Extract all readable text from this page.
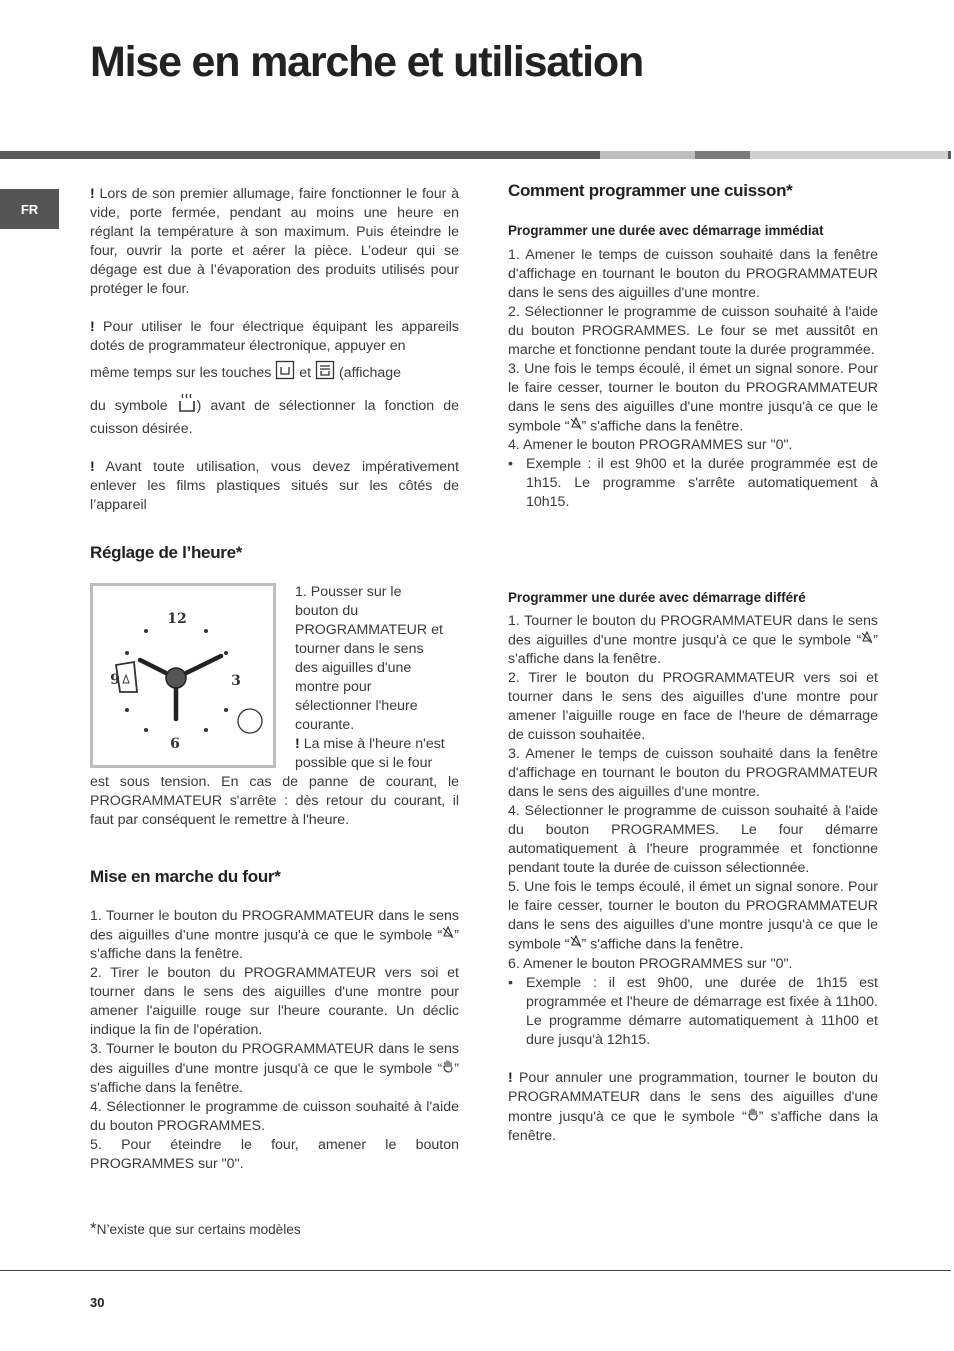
Mise en marche et utilisation
FR

! Lors de son premier allumage, faire fonctionner le four à vide, porte fermée, pendant au moins une heure en réglant la température à son maximum. Puis éteindre le four, ouvrir la porte et aérer la pièce. L’odeur qui se dégage est due à l’évaporation des produits utilisés pour protéger le four.

! Pour utiliser le four électrique équipant les appareils dotés de programmateur électronique, appuyer en

même temps sur les touches et (affichage

du symbole ) avant de sélectionner la fonction de cuisson désirée.

! Avant toute utilisation, vous devez impérativement enlever les films plastiques situés sur les côtés de l’appareil

Réglage de l’heure*
12
3
6
9

1. Pousser sur le

bouton du

PROGRAMMATEUR et

tourner dans le sens

des aiguilles d'une

montre pour

sélectionner l'heure

courante.

! La mise à l'heure n'est

possible que si le four

est sous tension. En cas de panne de courant, le PROGRAMMATEUR s'arrête : dès retour du courant, il faut par conséquent le remettre à l'heure.
Mise en marche du four*

1. Tourner le bouton du PROGRAMMATEUR dans le sens des aiguilles d’une montre jusqu'à ce que le symbole “ ” s'affiche dans la fenêtre.

2. Tirer le bouton du PROGRAMMATEUR vers soi et tourner dans le sens des aiguilles d'une montre pour amener l'aiguille rouge sur l'heure courante. Un déclic indique la fin de l'opération.

3. Tourner le bouton du PROGRAMMATEUR dans le sens des aiguilles d'une montre jusqu'à ce que le symbole “ ” s'affiche dans la fenêtre.

4. Sélectionner le programme de cuisson souhaité à l'aide du bouton PROGRAMMES.

5. Pour éteindre le four, amener le bouton PROGRAMMES sur "0".

*N’existe que sur certains modèles
Comment programmer une cuisson*
Programmer une durée avec démarrage immédiat

1. Amener le temps de cuisson souhaité dans la fenêtre d'affichage en tournant le bouton du PROGRAMMATEUR dans le sens des aiguilles d'une montre.

2. Sélectionner le programme de cuisson souhaité à l'aide du bouton PROGRAMMES. Le four se met aussitôt en marche et fonctionne pendant toute la durée programmée.

3. Une fois le temps écoulé, il émet un signal sonore. Pour le faire cesser, tourner le bouton du PROGRAMMATEUR dans le sens des aiguilles d'une montre jusqu'à ce que le symbole “ ” s'affiche dans la fenêtre.

4. Amener le bouton PROGRAMMES sur "0".

• Exemple : il est 9h00 et la durée programmée est de 1h15. Le programme s'arrête automatiquement à 10h15.
Programmer une durée avec démarrage différé

1. Tourner le bouton du PROGRAMMATEUR dans le sens des aiguilles d'une montre jusqu'à ce que le symbole “ ” s'affiche dans la fenêtre.

2. Tirer le bouton du PROGRAMMATEUR vers soi et tourner dans le sens des aiguilles d'une montre pour amener l'aiguille rouge en face de l'heure de démarrage de cuisson souhaitée.

3. Amener le temps de cuisson souhaité dans la fenêtre d'affichage en tournant le bouton du PROGRAMMATEUR dans le sens des aiguilles d'une montre.

4. Sélectionner le programme de cuisson souhaité à l'aide du bouton PROGRAMMES. Le four démarre automatiquement à l'heure programmée et fonctionne pendant toute la durée de cuisson sélectionnée.

5. Une fois le temps écoulé, il émet un signal sonore. Pour le faire cesser, tourner le bouton du PROGRAMMATEUR dans le sens des aiguilles d'une montre jusqu'à ce que le symbole “ ” s'affiche dans la fenêtre.

6. Amener le bouton PROGRAMMES sur "0".

• Exemple : il est 9h00, une durée de 1h15 est programmée et l'heure de démarrage est fixée à 11h00. Le programme démarre automatiquement à 11h00 et dure jusqu'à 12h15.

! Pour annuler une programmation, tourner le bouton du PROGRAMMATEUR dans le sens des aiguilles d'une montre jusqu'à ce que le symbole “ ” s'affiche dans la fenêtre.

30
